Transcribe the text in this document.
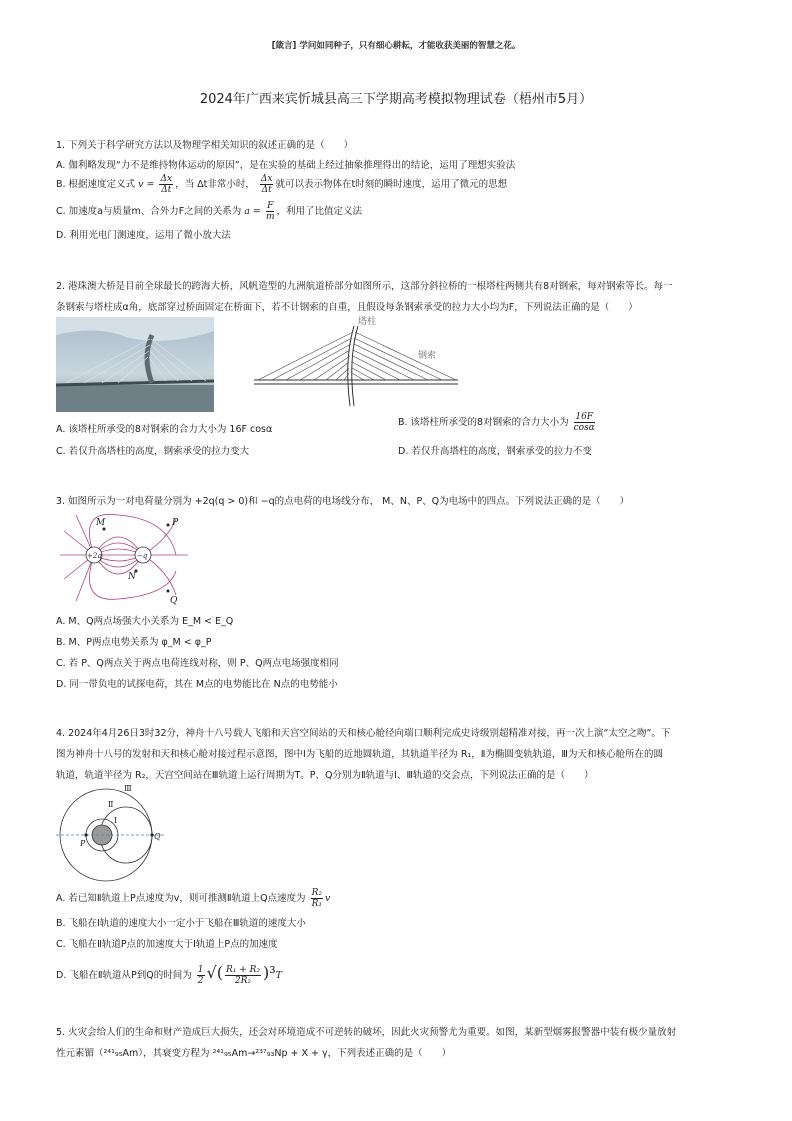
[箴言] 学问如同种子，只有细心耕耘，才能收获美丽的智慧之花。
2024年广西来宾忻城县高三下学期高考模拟物理试卷（梧州市5月）
1. 下列关于科学研究方法以及物理学相关知识的叙述正确的是（　　）
A. 伽利略发现“力不是维持物体运动的原因”，是在实验的基础上经过抽象推理得出的结论，运用了理想实验法
B. 根据速度定义式 $v = \frac{\Delta x}{\Delta t}$ ，当 Δt非常小时， $\frac{\Delta x}{\Delta t}$ 就可以表示物体在t时刻的瞬时速度，运用了微元的思想
C. 加速度a与质量m、合外力F之间的关系为 $a = \frac{F}{m}$ ，利用了比值定义法
D. 利用光电门测速度，运用了微小放大法
2. 港珠澳大桥是目前全球最长的跨海大桥，风帆造型的九洲航道桥部分如图所示，这部分斜拉桥的一根塔柱两侧共有8对钢索，每对钢索等长。每一
条钢索与塔柱成α角，底部穿过桥面固定在桥面下，若不计钢索的自重，且假设每条钢索承受的拉力大小均为F，下列说法正确的是（　　）
塔柱
钢索
A. 该塔柱所承受的8对钢索的合力大小为 16F cosα
B. 该塔柱所承受的8对钢索的合力大小为 $\frac{16F}{\cos\alpha}$
C. 若仅升高塔柱的高度，钢索承受的拉力变大	D. 若仅升高塔柱的高度，钢索承受的拉力不变
3. 如图所示为一对电荷量分别为 +2q(q > 0)和 −q的点电荷的电场线分布， M、N、P、Q为电场中的四点。下列说法正确的是（　　）
+2q	−q
M	P
N
Q
A. M、Q两点场强大小关系为 E_M < E_Q
B. M、P两点电势关系为 φ_M < φ_P
C. 若 P、Q两点关于两点电荷连线对称，则 P、Q两点电场强度相同
D. 同一带负电的试探电荷，其在 M点的电势能比在 N点的电势能小
4. 2024年4月26日3时32分，神舟十八号载人飞船和天宫空间站的天和核心舱径向端口顺利完成史诗级别超精准对接，再一次上演“太空之吻”。下
图为神舟十八号的发射和天和核心舱对接过程示意图，图中Ⅰ为飞船的近地圆轨道，其轨道半径为 R₁，Ⅱ为椭圆变轨轨道，Ⅲ为天和核心舱所在的圆
轨道，轨道半径为 R₂，天宫空间站在Ⅲ轨道上运行周期为T。P、Q分别为Ⅱ轨道与Ⅰ、Ⅲ轨道的交会点，下列说法正确的是（　　）
Ⅲ
Ⅱ
Ⅰ
P
Q
A. 若已知Ⅱ轨道上P点速度为v，则可推测Ⅱ轨道上Q点速度为 $\frac{\text{R₂}}{\text{R₁}}$ v
B. 飞船在Ⅰ轨道的速度大小一定小于飞船在Ⅲ轨道的速度大小
C. 飞船在Ⅱ轨道P点的加速度大于Ⅰ轨道上P点的加速度
D. 飞船在Ⅱ轨道从P到Q的时间为 $\frac{1}{2}$ √( $\frac{\text{R₁ + R₂}}{\text{2R₂}} )^3T$
5. 火灾会给人们的生命和财产造成巨大损失，还会对环境造成不可逆转的破坏，因此火灾预警尤为重要。如图，某新型烟雾报警器中装有极少量放射
性元素镅（²⁴¹₉₅Am），其衰变方程为 ²⁴¹₉₅Am→²³⁷₉₃Np + X + γ，下列表述正确的是（　　）
